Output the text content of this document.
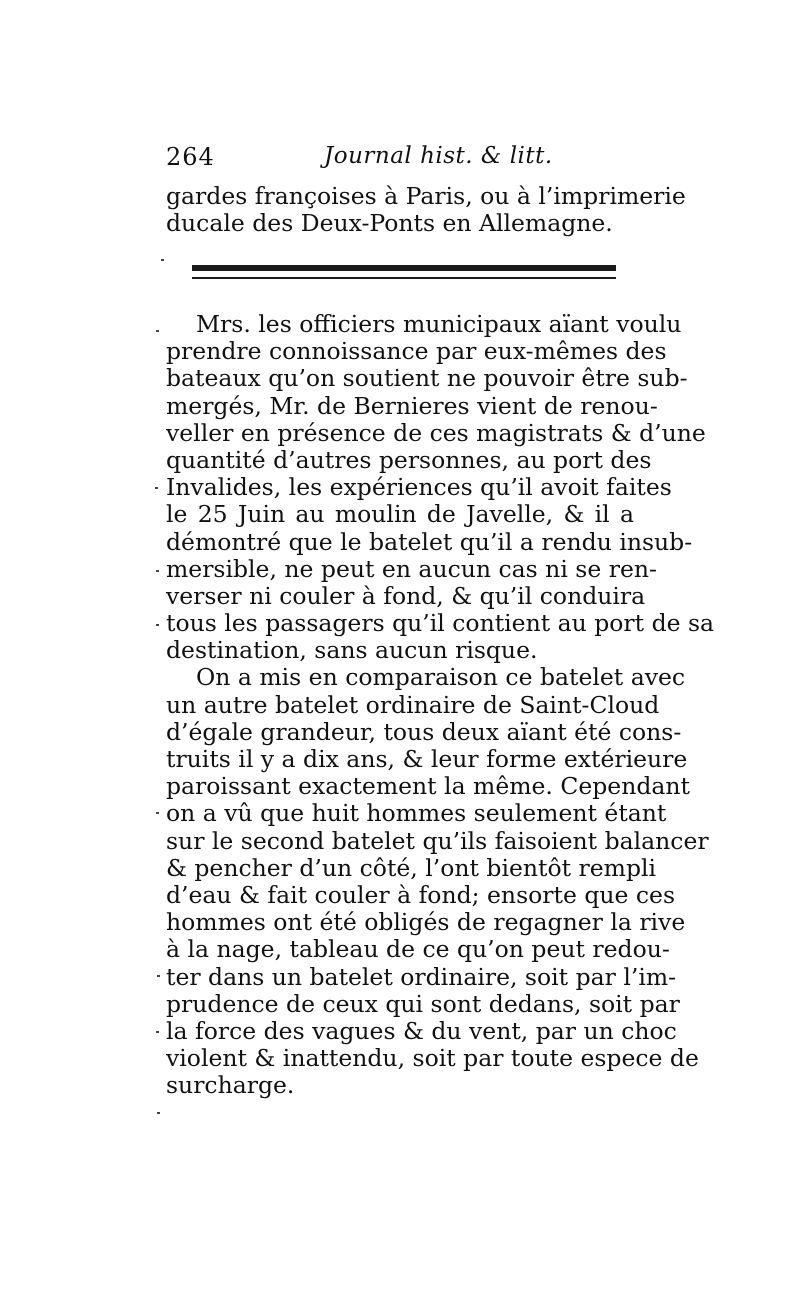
264	Journal hist. & litt.
gardes françoises à Paris, ou à l’imprimerie
ducale des Deux-Ponts en Allemagne.
Mrs. les officiers municipaux aïant voulu
prendre connoissance par eux-mêmes des
bateaux qu’on soutient ne pouvoir être sub-
mergés, Mr. de Bernieres vient de renou-
veller en présence de ces magistrats & d’une
quantité d’autres personnes, au port des
Invalides, les expériences qu’il avoit faites
le 25 Juin au moulin de Javelle, & il a
démontré que le batelet qu’il a rendu insub-
mersible, ne peut en aucun cas ni se ren-
verser ni couler à fond, & qu’il conduira
tous les passagers qu’il contient au port de sa
destination, sans aucun risque.
On a mis en comparaison ce batelet avec
un autre batelet ordinaire de Saint-Cloud
d’égale grandeur, tous deux aïant été cons-
truits il y a dix ans, & leur forme extérieure
paroissant exactement la même. Cependant
on a vû que huit hommes seulement étant
sur le second batelet qu’ils faisoient balancer
& pencher d’un côté, l’ont bientôt rempli
d’eau & fait couler à fond; ensorte que ces
hommes ont été obligés de regagner la rive
à la nage, tableau de ce qu’on peut redou-
ter dans un batelet ordinaire, soit par l’im-
prudence de ceux qui sont dedans, soit par
la force des vagues & du vent, par un choc
violent & inattendu, soit par toute espece de
surcharge.
